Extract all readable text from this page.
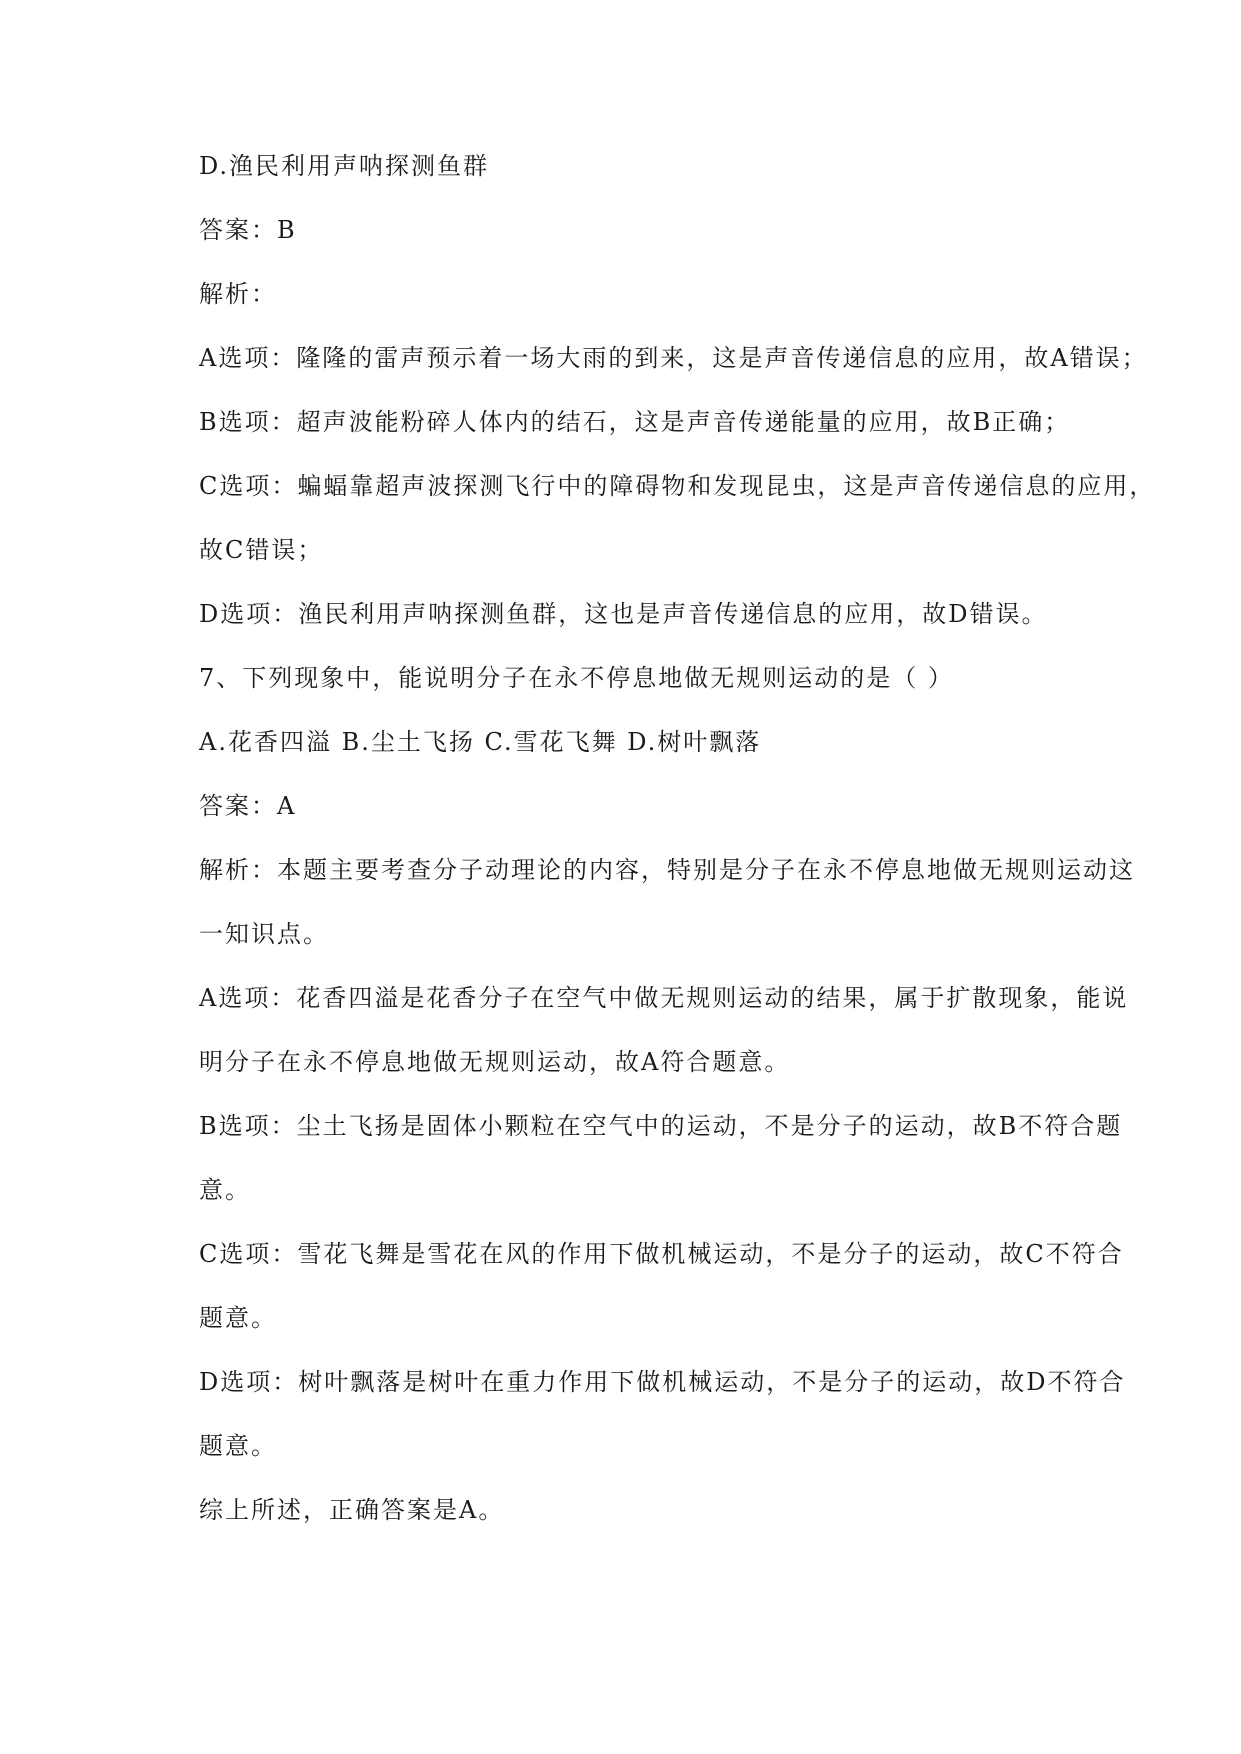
D.渔民利用声呐探测鱼群
答案：B
解析：
A选项：隆隆的雷声预示着一场大雨的到来，这是声音传递信息的应用，故A错误；
B选项：超声波能粉碎人体内的结石，这是声音传递能量的应用，故B正确；
C选项：蝙蝠靠超声波探测飞行中的障碍物和发现昆虫，这是声音传递信息的应用，
故C错误；
D选项：渔民利用声呐探测鱼群，这也是声音传递信息的应用，故D错误。
7、下列现象中，能说明分子在永不停息地做无规则运动的是（ ）
A.花香四溢 B.尘土飞扬 C.雪花飞舞 D.树叶飘落
答案：A
解析：本题主要考查分子动理论的内容，特别是分子在永不停息地做无规则运动这
一知识点。
A选项：花香四溢是花香分子在空气中做无规则运动的结果，属于扩散现象，能说
明分子在永不停息地做无规则运动，故A符合题意。
B选项：尘土飞扬是固体小颗粒在空气中的运动，不是分子的运动，故B不符合题
意。
C选项：雪花飞舞是雪花在风的作用下做机械运动，不是分子的运动，故C不符合
题意。
D选项：树叶飘落是树叶在重力作用下做机械运动，不是分子的运动，故D不符合
题意。
综上所述，正确答案是A。
